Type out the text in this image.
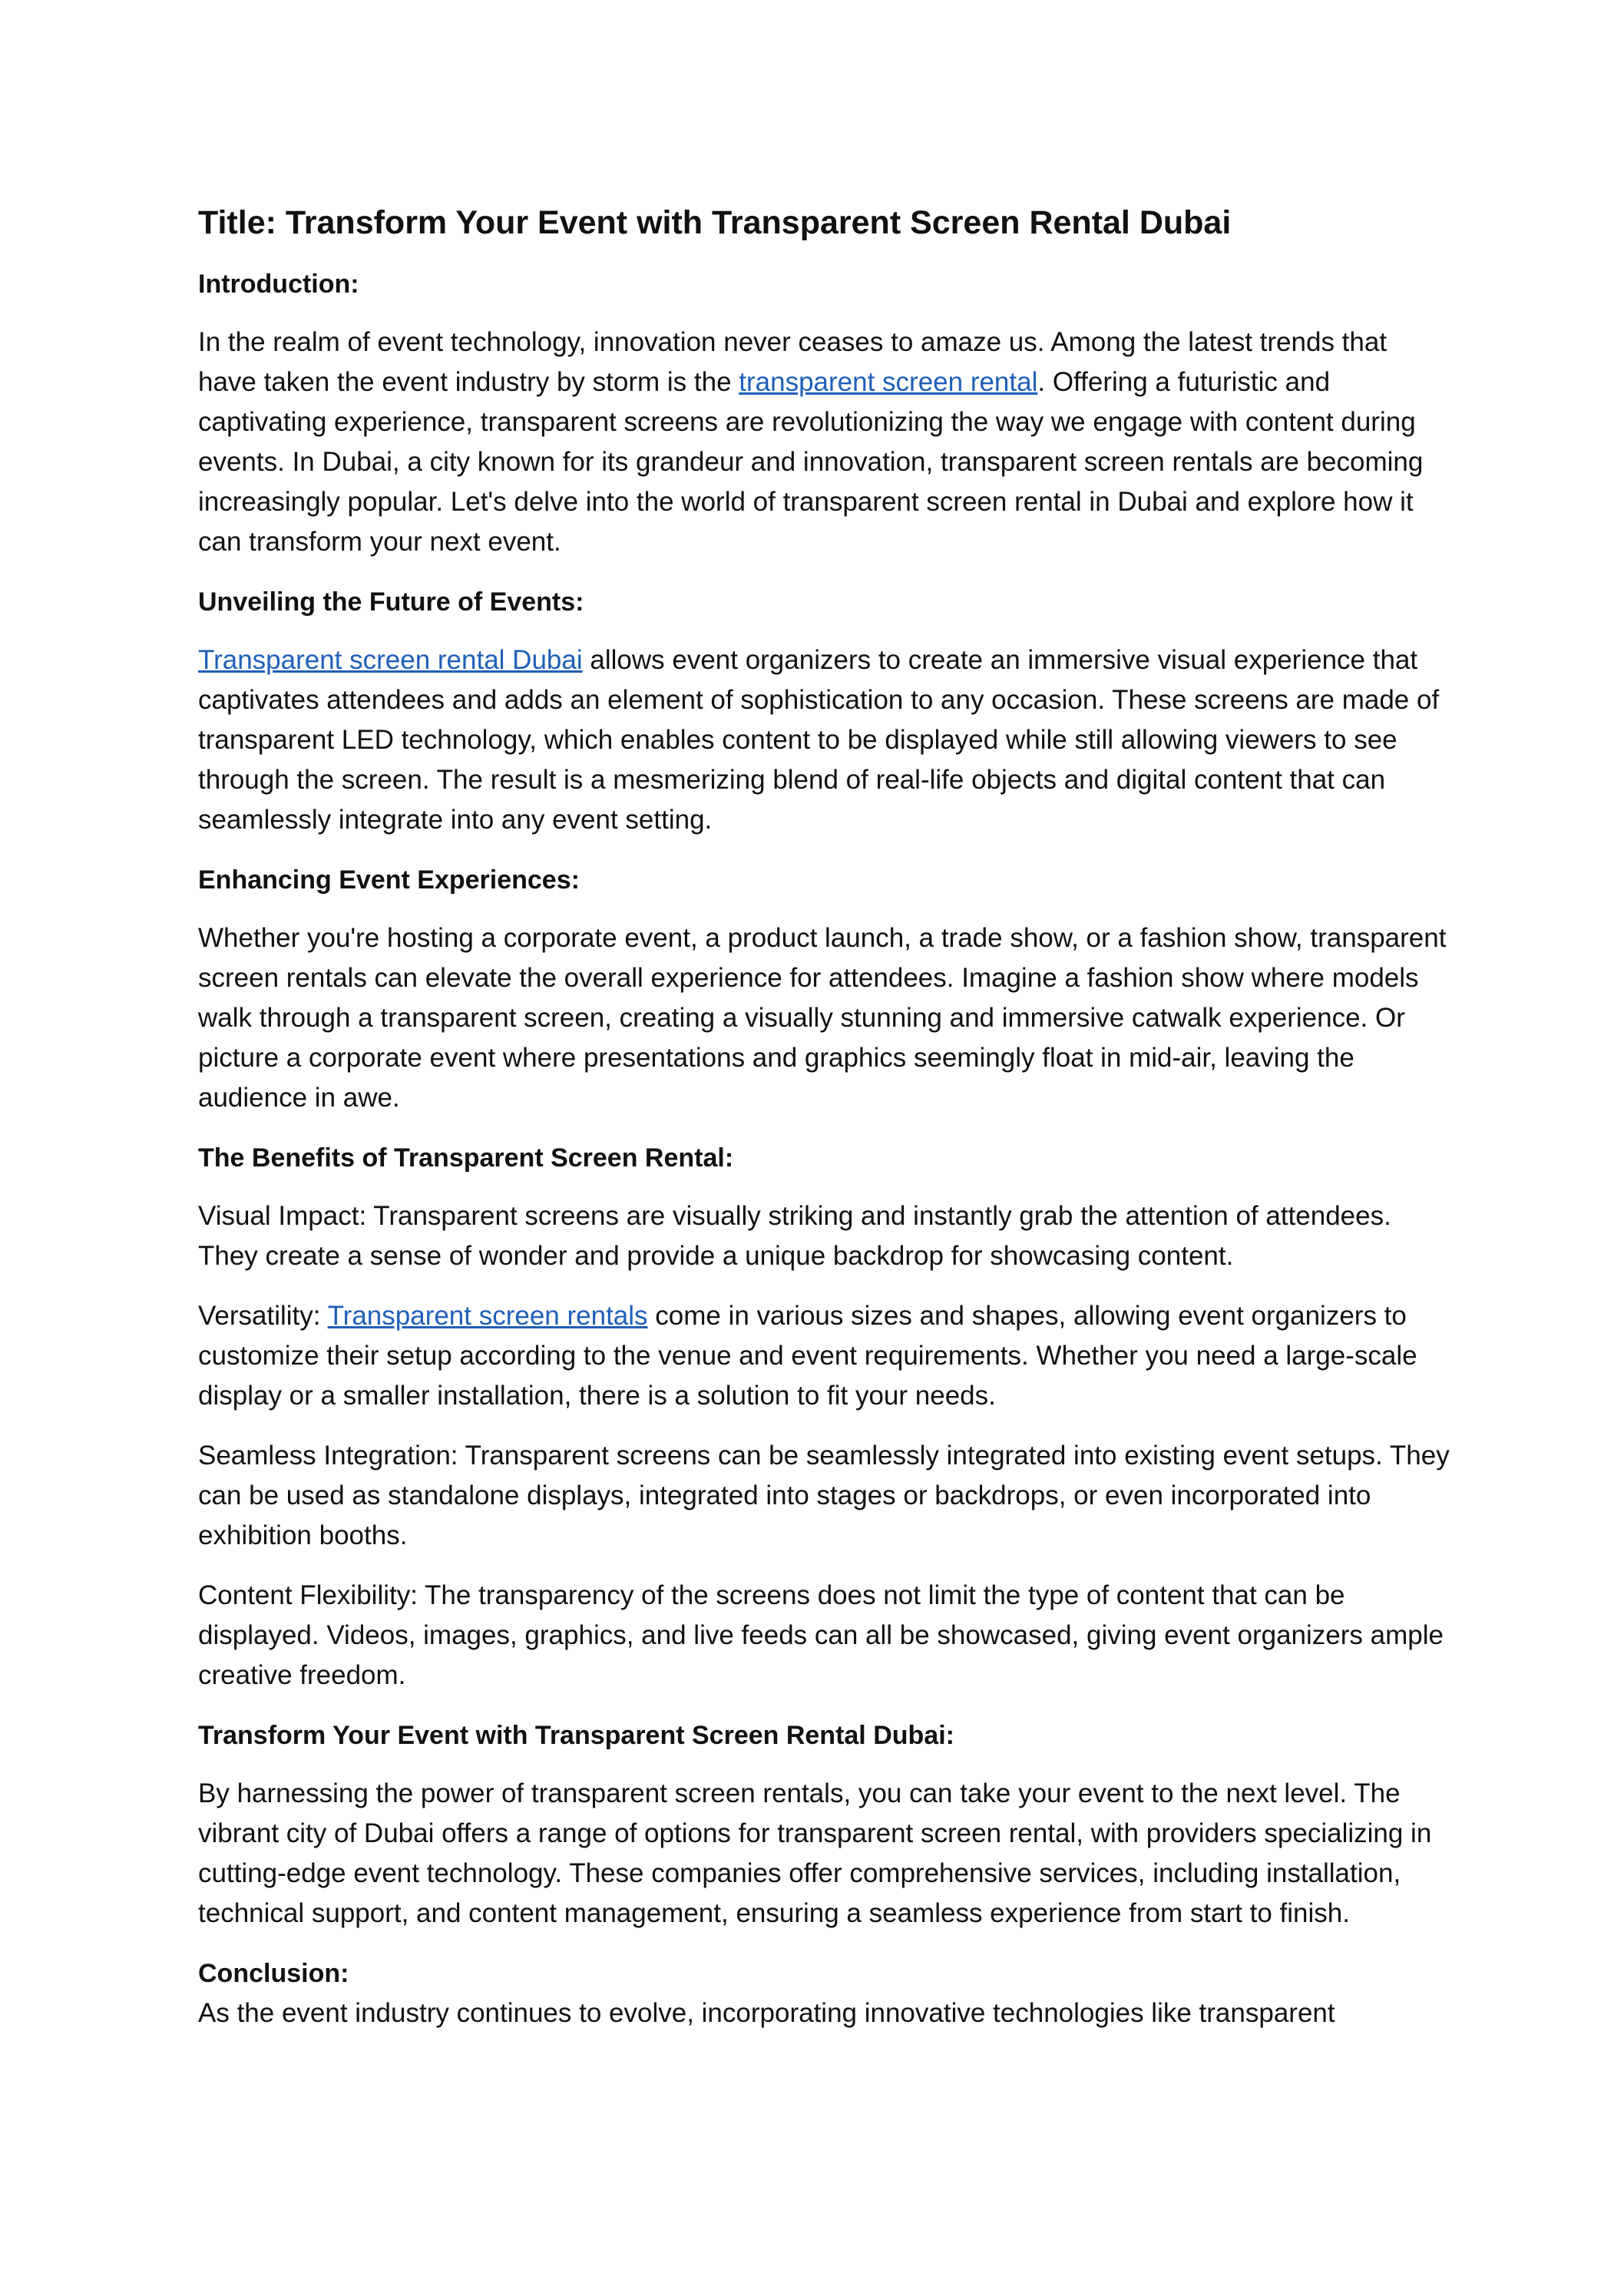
Title: Transform Your Event with Transparent Screen Rental Dubai
Introduction:

In the realm of event technology, innovation never ceases to amaze us. Among the latest trends that have taken the event industry by storm is the transparent screen rental. Offering a futuristic and captivating experience, transparent screens are revolutionizing the way we engage with content during events. In Dubai, a city known for its grandeur and innovation, transparent screen rentals are becoming increasingly popular. Let's delve into the world of transparent screen rental in Dubai and explore how it can transform your next event.

Unveiling the Future of Events:

Transparent screen rental Dubai allows event organizers to create an immersive visual experience that captivates attendees and adds an element of sophistication to any occasion. These screens are made of transparent LED technology, which enables content to be displayed while still allowing viewers to see through the screen. The result is a mesmerizing blend of real-life objects and digital content that can seamlessly integrate into any event setting.

Enhancing Event Experiences:

Whether you're hosting a corporate event, a product launch, a trade show, or a fashion show, transparent screen rentals can elevate the overall experience for attendees. Imagine a fashion show where models walk through a transparent screen, creating a visually stunning and immersive catwalk experience. Or picture a corporate event where presentations and graphics seemingly float in mid-air, leaving the audience in awe.

The Benefits of Transparent Screen Rental:

Visual Impact: Transparent screens are visually striking and instantly grab the attention of attendees. They create a sense of wonder and provide a unique backdrop for showcasing content.

Versatility: Transparent screen rentals come in various sizes and shapes, allowing event organizers to customize their setup according to the venue and event requirements. Whether you need a large-scale display or a smaller installation, there is a solution to fit your needs.

Seamless Integration: Transparent screens can be seamlessly integrated into existing event setups. They can be used as standalone displays, integrated into stages or backdrops, or even incorporated into exhibition booths.

Content Flexibility: The transparency of the screens does not limit the type of content that can be displayed. Videos, images, graphics, and live feeds can all be showcased, giving event organizers ample creative freedom.

Transform Your Event with Transparent Screen Rental Dubai:

By harnessing the power of transparent screen rentals, you can take your event to the next level. The vibrant city of Dubai offers a range of options for transparent screen rental, with providers specializing in cutting-edge event technology. These companies offer comprehensive services, including installation, technical support, and content management, ensuring a seamless experience from start to finish.

Conclusion:

As the event industry continues to evolve, incorporating innovative technologies like transparent
